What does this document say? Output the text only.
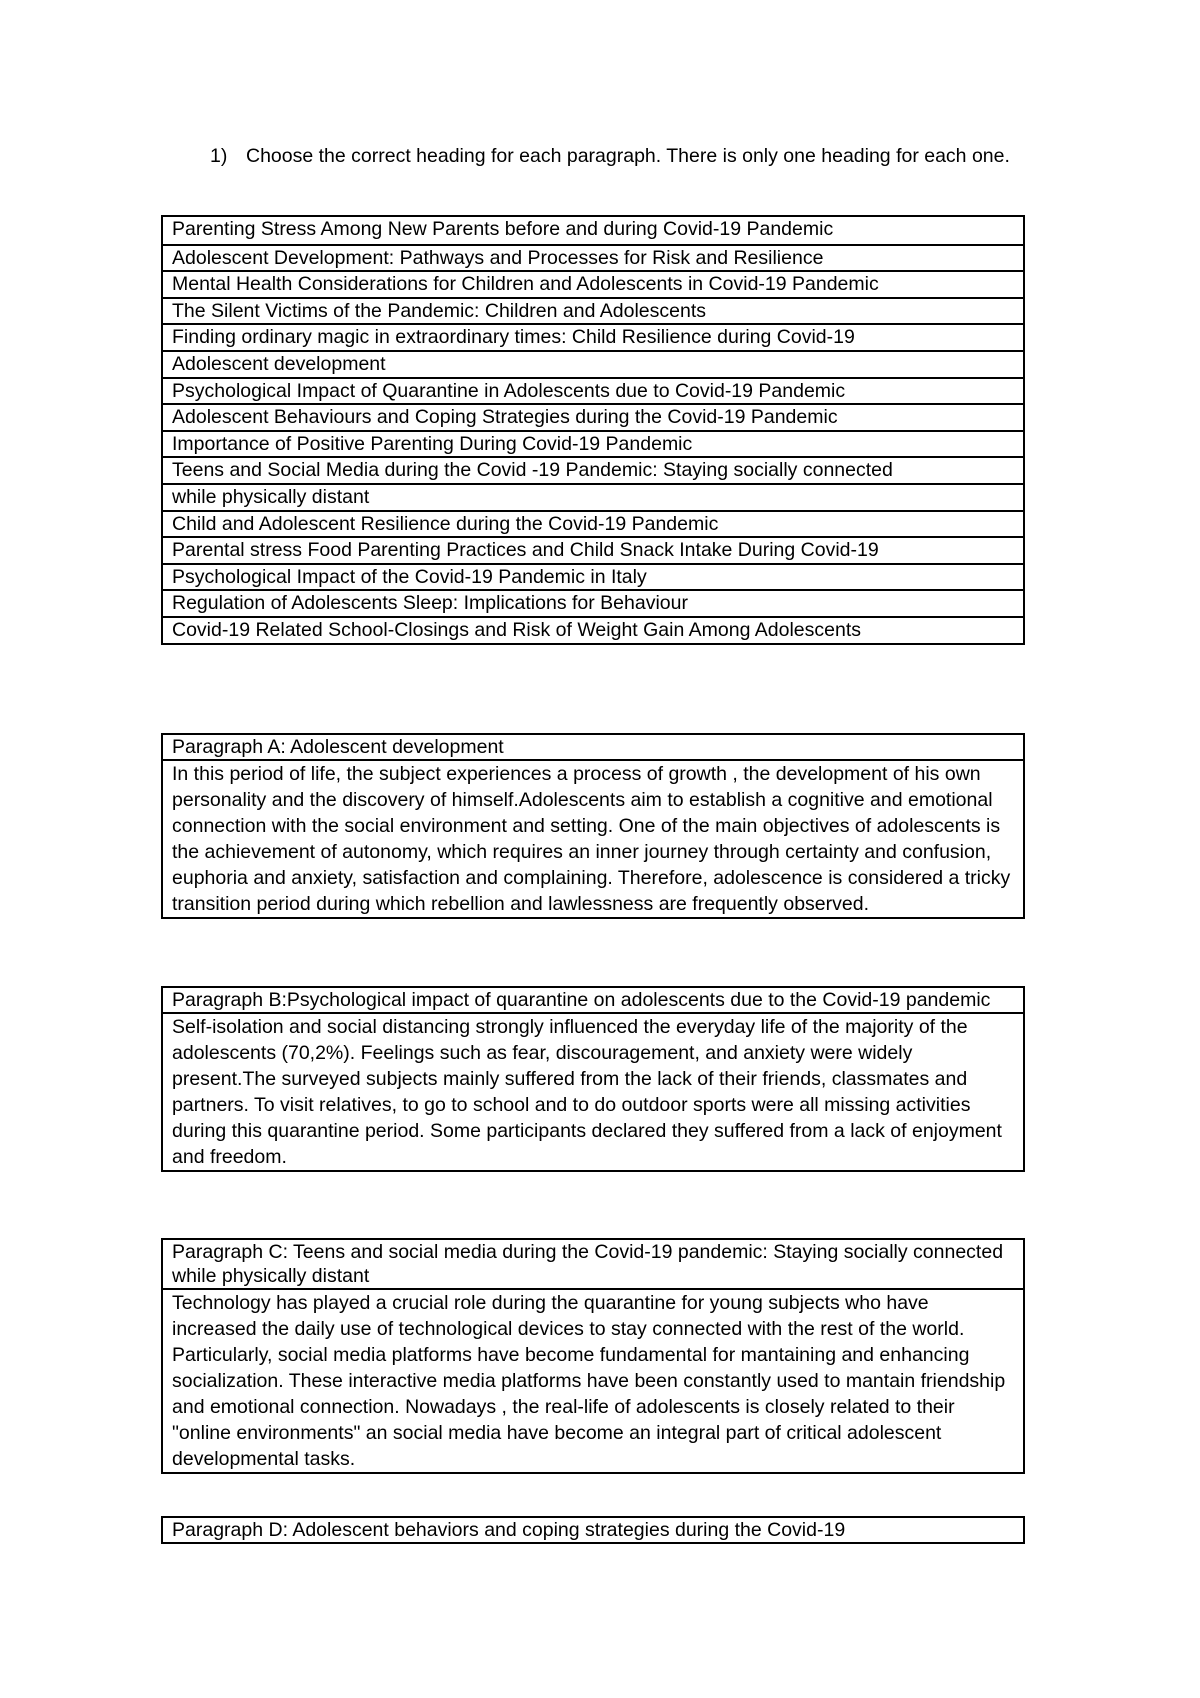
1) Choose the correct heading for each paragraph. There is only one heading for each one.
Parenting Stress Among New Parents before and during Covid-19 Pandemic
Adolescent Development: Pathways and Processes for Risk and Resilience
Mental Health Considerations for Children and Adolescents in Covid-19 Pandemic
The Silent Victims of the Pandemic: Children and Adolescents
Finding ordinary magic in extraordinary times: Child Resilience during Covid-19
Adolescent development
Psychological Impact of Quarantine in Adolescents due to Covid-19 Pandemic
Adolescent Behaviours and Coping Strategies during the Covid-19 Pandemic
Importance of Positive Parenting During Covid-19 Pandemic
Teens and Social Media during the Covid -19 Pandemic: Staying socially connected
while physically distant
Child and Adolescent Resilience during the Covid-19 Pandemic
Parental stress Food Parenting Practices and Child Snack Intake During Covid-19
Psychological Impact of the Covid-19 Pandemic in Italy
Regulation of Adolescents Sleep: Implications for Behaviour
Covid-19 Related School-Closings and Risk of Weight Gain Among Adolescents
Paragraph A: Adolescent development
In this period of life, the subject experiences a process of growth , the development of his own personality and the discovery of himself.Adolescents aim to establish a cognitive and emotional connection with the social environment and setting. One of the main objectives of adolescents is the achievement of autonomy, which requires an inner journey through certainty and confusion, euphoria and anxiety, satisfaction and complaining. Therefore, adolescence is considered a tricky transition period during which rebellion and lawlessness are frequently observed.
Paragraph B:Psychological impact of quarantine on adolescents due to the Covid-19 pandemic
Self-isolation and social distancing strongly influenced the everyday life of the majority of the adolescents (70,2%). Feelings such as fear, discouragement, and anxiety were widely present.The surveyed subjects mainly suffered from the lack of their friends, classmates and partners. To visit relatives, to go to school and to do outdoor sports were all missing activities during this quarantine period. Some participants declared they suffered from a lack of enjoyment and freedom.
Paragraph C: Teens and social media during the Covid-19 pandemic: Staying socially connected while physically distant
Technology has played a crucial role during the quarantine for young subjects who have increased the daily use of technological devices to stay connected with the rest of the world. Particularly, social media platforms have become fundamental for mantaining and enhancing socialization. These interactive media platforms have been constantly used to mantain friendship and emotional connection. Nowadays , the real-life of adolescents is closely related to their "online environments" an social media have become an integral part of critical adolescent developmental tasks.
Paragraph D: Adolescent behaviors and coping strategies during the Covid-19
